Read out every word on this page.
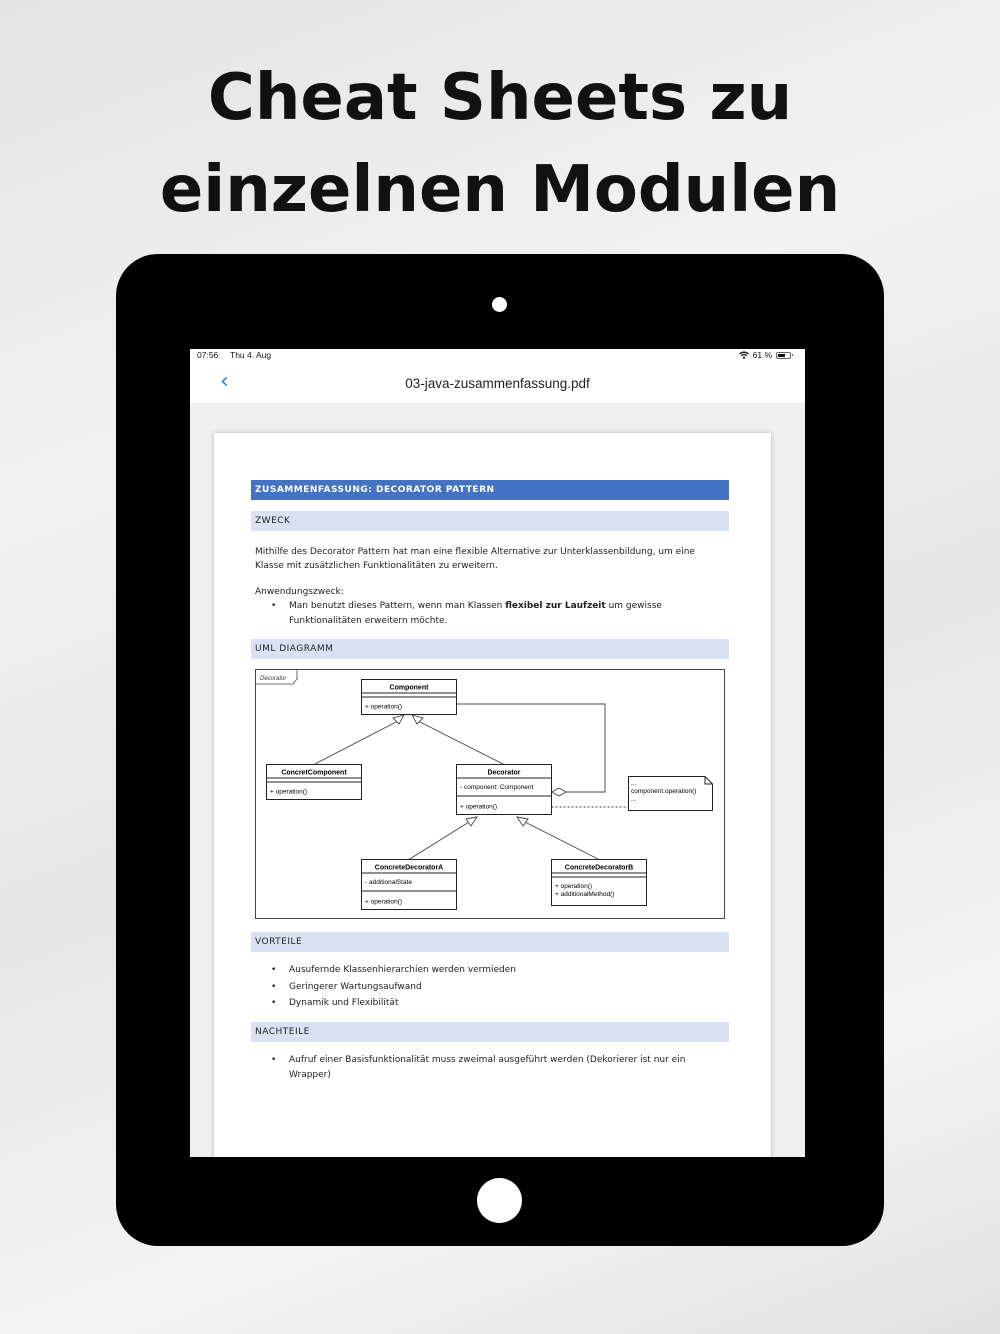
Cheat Sheets zu
einzelnen Modulen
07:56 Thu 4. Aug	61 %
‹	03-java-zusammenfassung.pdf
ZUSAMMENFASSUNG: DECORATOR PATTERN
ZWECK
Mithilfe des Decorator Pattern hat man eine flexible Alternative zur Unterklassenbildung, um eine
Klasse mit zusätzlichen Funktionalitäten zu erweitern.
Anwendungszweck:
• Man benutzt dieses Pattern, wenn man Klassen flexibel zur Laufzeit um gewisse
Funktionalitäten erweitern möchte.
UML DIAGRAMM
Decorator
Component
+ operation()
ConcretComponent
+ operation()
Decorator
- component: Component
+ operation()
...
component.operation()
...
ConcreteDecoratorA
- additionalState
+ operation()
ConcreteDecoratorB
+ operation()
+ additionalMethod()
VORTEILE
• Ausufernde Klassenhierarchien werden vermieden
• Geringerer Wartungsaufwand
• Dynamik und Flexibilität
NACHTEILE
• Aufruf einer Basisfunktionalität muss zweimal ausgeführt werden (Dekorierer ist nur ein
Wrapper)
